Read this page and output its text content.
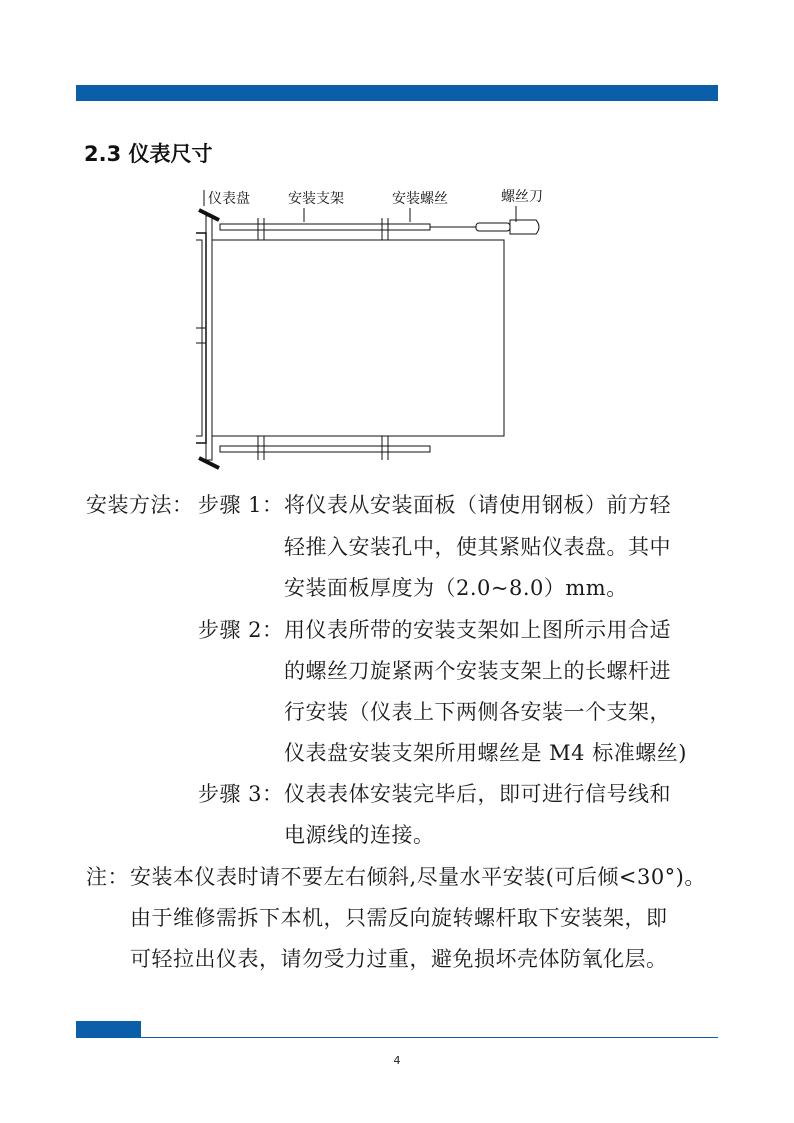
2.3 仪表尺寸
仪表盘	安装支架	安装螺丝	螺丝刀
安装方法： 步骤 1： 将仪表从安装面板（请使用钢板）前方轻
轻推入安装孔中，使其紧贴仪表盘。其中
安装面板厚度为（2.0~8.0）mm。
步骤 2： 用仪表所带的安装支架如上图所示用合适
的螺丝刀旋紧两个安装支架上的长螺杆进
行安装（仪表上下两侧各安装一个支架，
仪表盘安装支架所用螺丝是 M4 标准螺丝)
步骤 3： 仪表表体安装完毕后，即可进行信号线和
电源线的连接。
注： 安装本仪表时请不要左右倾斜,尽量水平安装(可后倾<30°)。
由于维修需拆下本机，只需反向旋转螺杆取下安装架，即
可轻拉出仪表，请勿受力过重，避免损坏壳体防氧化层。
4
